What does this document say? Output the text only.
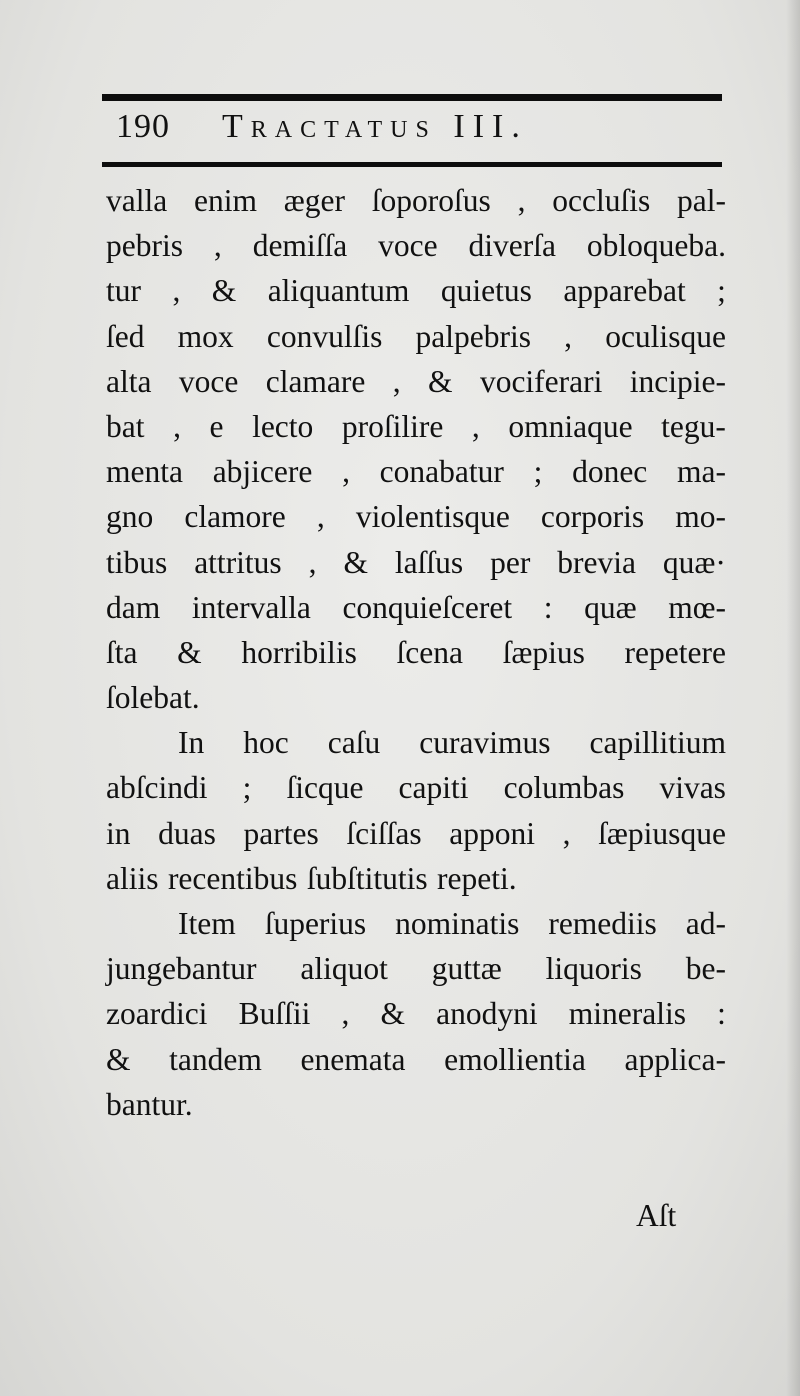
190 Tractatus III.
valla enim æger ſoporoſus , occluſis pal-
pebris , demiſſa voce diverſa obloqueba.
tur , & aliquantum quietus apparebat ;
ſed mox convulſis palpebris , oculisque
alta voce clamare , & vociferari incipie-
bat , e lecto proſilire , omniaque tegu-
menta abjicere , conabatur ; donec ma-
gno clamore , violentisque corporis mo-
tibus attritus , & laſſus per brevia quæ·
dam intervalla conquieſceret : quæ mœ-
ſta & horribilis ſcena ſæpius repetere
ſolebat.
In hoc caſu curavimus capillitium
abſcindi ; ſicque capiti columbas vivas
in duas partes ſciſſas apponi , ſæpiusque
aliis recentibus ſubſtitutis repeti.
Item ſuperius nominatis remediis ad-
jungebantur aliquot guttæ liquoris be-
zoardici Buſſii , & anodyni mineralis :
& tandem enemata emollientia applica-
bantur.
Aſt
